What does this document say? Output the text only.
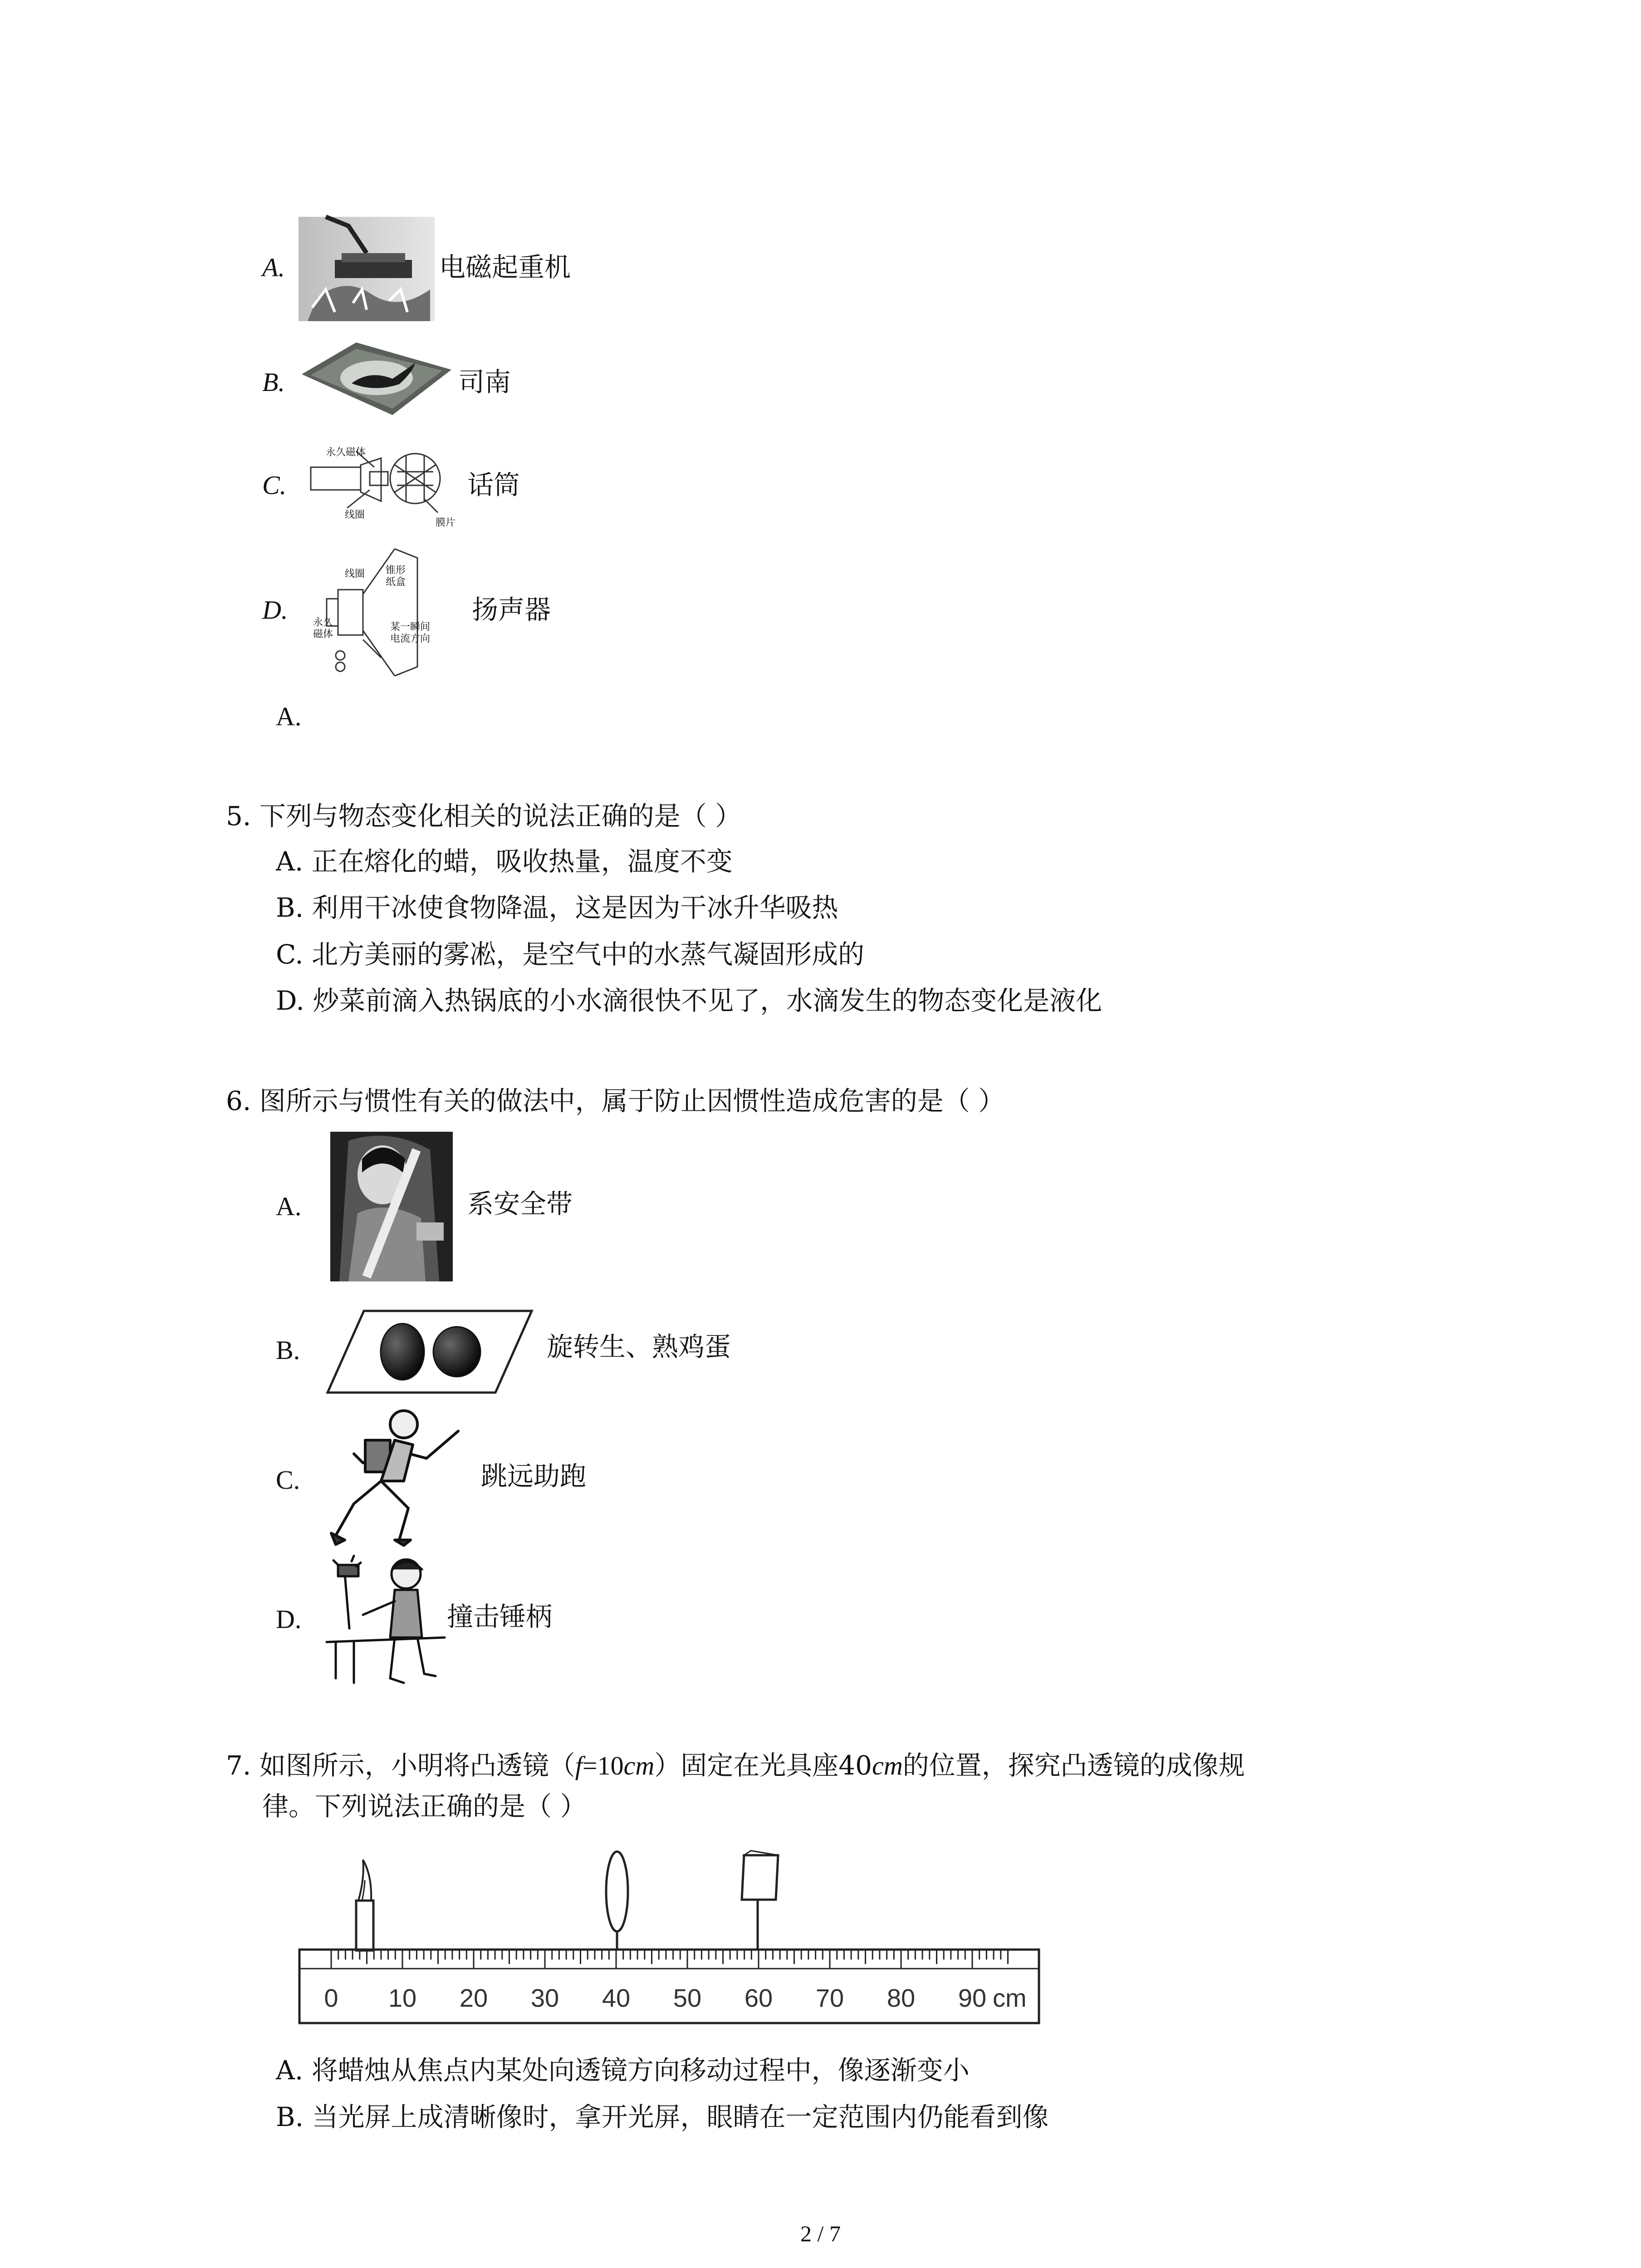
A.	电磁起重机
B.	司南
C.
永久磁体
线圈
膜片
话筒
D.
线圈 锥形纸盒
永久磁体
某一瞬间电流方向
扬声器
A.
5. 下列与物态变化相关的说法正确的是（ ）
A. 正在熔化的蜡，吸收热量，温度不变
B. 利用干冰使食物降温，这是因为干冰升华吸热
C. 北方美丽的雾凇，是空气中的水蒸气凝固形成的
D. 炒菜前滴入热锅底的小水滴很快不见了，水滴发生的物态变化是液化
6. 图所示与惯性有关的做法中，属于防止因惯性造成危害的是（ ）
A.	系安全带
B.	旋转生、熟鸡蛋
C.	跳远助跑
D.	撞击锤柄
7. 如图所示，小明将凸透镜（f=10cm）固定在光具座40cm的位置，探究凸透镜的成像规
律。下列说法正确的是（ ）
0 10 20 30 40 50 60 70 80 90 cm
A. 将蜡烛从焦点内某处向透镜方向移动过程中，像逐渐变小
B. 当光屏上成清晰像时，拿开光屏，眼睛在一定范围内仍能看到像
2 / 7
